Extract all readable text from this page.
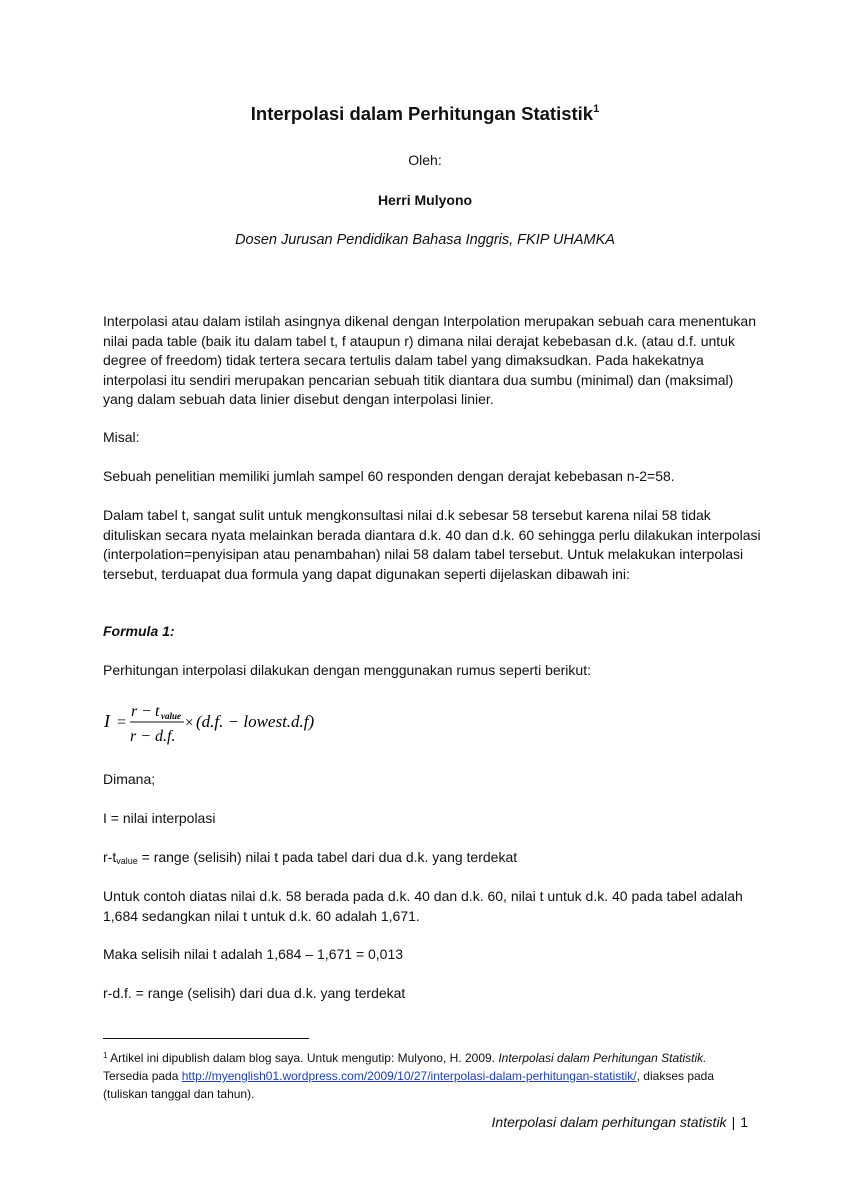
Interpolasi dalam Perhitungan Statistik$^1$
Oleh:
Herri Mulyono
Dosen Jurusan Pendidikan Bahasa Inggris, FKIP UHAMKA

Interpolasi atau dalam istilah asingnya dikenal dengan Interpolation merupakan sebuah cara menentukan nilai pada table (baik itu dalam tabel t, f ataupun r) dimana nilai derajat kebebasan d.k. (atau d.f. untuk degree of freedom) tidak tertera secara tertulis dalam tabel yang dimaksudkan. Pada hakekatnya interpolasi itu sendiri merupakan pencarian sebuah titik diantara dua sumbu (minimal) dan (maksimal) yang dalam sebuah data linier disebut dengan interpolasi linier.

Misal:

Sebuah penelitian memiliki jumlah sampel 60 responden dengan derajat kebebasan n-2=58.

Dalam tabel t, sangat sulit untuk mengkonsultasi nilai d.k sebesar 58 tersebut karena nilai 58 tidak dituliskan secara nyata melainkan berada diantara d.k. 40 dan d.k. 60 sehingga perlu dilakukan interpolasi (interpolation=penyisipan atau penambahan) nilai 58 dalam tabel tersebut. Untuk melakukan interpolasi tersebut, terduapat dua formula yang dapat digunakan seperti dijelaskan dibawah ini:

Formula 1:

Perhitungan interpolasi dilakukan dengan menggunakan rumus seperti berikut:

I =
r − t value
r − d.f.
× (d.f. − lowest.d.f)

Dimana;

I = nilai interpolasi

$r-t_{value}$ = range (selisih) nilai t pada tabel dari dua d.k. yang terdekat

Untuk contoh diatas nilai d.k. 58 berada pada d.k. 40 dan d.k. 60, nilai t untuk d.k. 40 pada tabel adalah 1,684 sedangkan nilai t untuk d.k. 60 adalah 1,671.

Maka selisih nilai t adalah 1,684 – 1,671 = 0,013

r-d.f. = range (selisih) dari dua d.k. yang terdekat

$^1$ Artikel ini dipublish dalam blog saya. Untuk mengutip: Mulyono, H. 2009. Interpolasi dalam Perhitungan Statistik. Tersedia pada http://myenglish01.wordpress.com/2009/10/27/interpolasi-dalam-perhitungan-statistik/, diakses pada (tuliskan tanggal dan tahun).

Interpolasi dalam perhitungan statistik | 1
